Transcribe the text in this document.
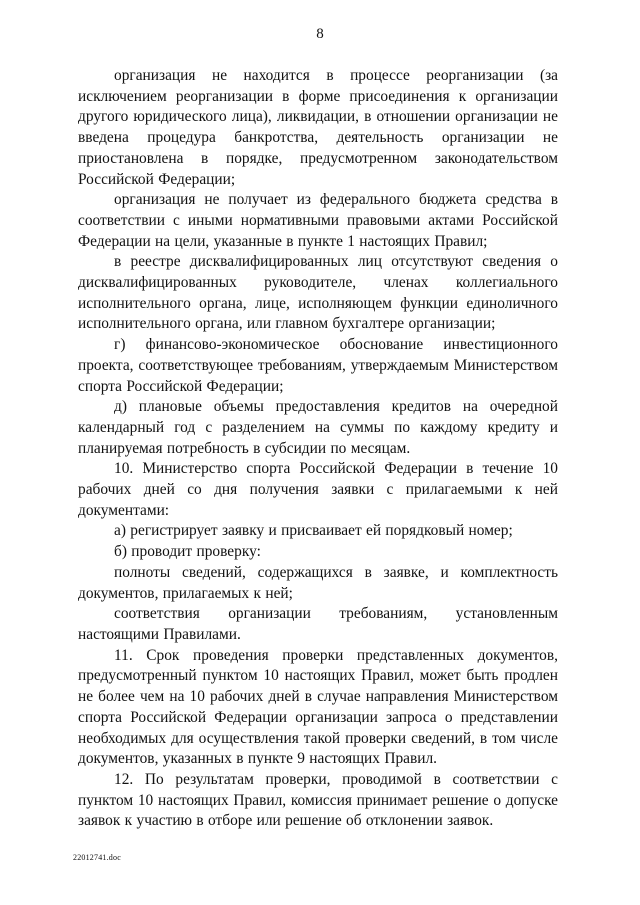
8

организация не находится в процессе реорганизации (за исключением реорганизации в форме присоединения к организации другого юридического лица), ликвидации, в отношении организации не введена процедура банкротства, деятельность организации не приостановлена в порядке, предусмотренном законодательством Российской Федерации;

организация не получает из федерального бюджета средства в соответствии с иными нормативными правовыми актами Российской Федерации на цели, указанные в пункте 1 настоящих Правил;

в реестре дисквалифицированных лиц отсутствуют сведения о дисквалифицированных руководителе, членах коллегиального исполнительного органа, лице, исполняющем функции единоличного исполнительного органа, или главном бухгалтере организации;

г) финансово-экономическое обоснование инвестиционного проекта, соответствующее требованиям, утверждаемым Министерством спорта Российской Федерации;

д) плановые объемы предоставления кредитов на очередной календарный год с разделением на суммы по каждому кредиту и планируемая потребность в субсидии по месяцам.

10. Министерство спорта Российской Федерации в течение 10 рабочих дней со дня получения заявки с прилагаемыми к ней документами:

а) регистрирует заявку и присваивает ей порядковый номер;

б) проводит проверку:

полноты сведений, содержащихся в заявке, и комплектность документов, прилагаемых к ней;

соответствия организации требованиям, установленным настоящими Правилами.

11. Срок проведения проверки представленных документов, предусмотренный пунктом 10 настоящих Правил, может быть продлен не более чем на 10 рабочих дней в случае направления Министерством спорта Российской Федерации организации запроса о представлении необходимых для осуществления такой проверки сведений, в том числе документов, указанных в пункте 9 настоящих Правил.

12. По результатам проверки, проводимой в соответствии с пунктом 10 настоящих Правил, комиссия принимает решение о допуске заявок к участию в отборе или решение об отклонении заявок.

22012741.doc
